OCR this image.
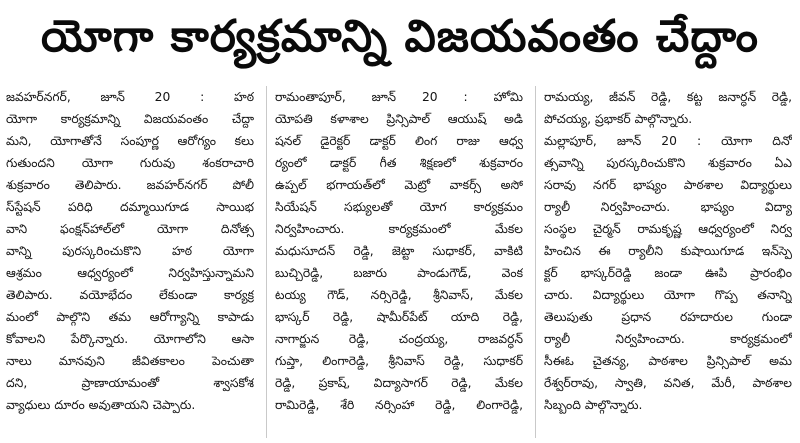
యోగా కార్యక్రమాన్ని విజయవంతం చేద్దాం
జవహర్‌నగర్, జూన్ 20 : హఠ
యోగా కార్యక్రమాన్ని విజయవంతం చేద్దా
మని, యోగాతోనే సంపూర్ణ ఆరోగ్యం కలు
గుతుందని యోగా గురువు శంకరాచారి
శుక్రవారం తెలిపారు. జవహర్‌నగర్ పోలీ
స్‌స్టేషన్ పరిధి దమ్మాయిగూడ సాయిభ
వాని ఫంక్షన్‌హాల్‌లో యోగా దినోత్స
వాన్ని పురస్కరించుకొని హఠ యోగా
ఆశ్రమం ఆధ్వర్యంలో నిర్వహిస్తున్నామని
తెలిపారు. వయోభేదం లేకుండా కార్యక్ర
మంలో పాల్గొని తమ ఆరోగ్యాన్ని కాపాడు
కోవాలని పేర్కొన్నారు. యోగాలోని ఆసా
నాలు మానవుని జీవితకాలం పెంచుతా
దని, ప్రాణాయామంతో శ్వాసకోశ
వ్యాధులు దూరం అవుతాయని చెప్పారు.
రామంతాపూర్, జూన్ 20 : హోమి
యోపతి కళాశాల ప్రిన్సిపాల్ ఆయుష్ అడి
షనల్ డైరెక్టర్ డాక్టర్ లింగ రాజు ఆధ్వ
ర్యంలో డాక్టర్ గీత శిక్షణలో శుక్రవారం
ఉప్పల్ భగాయత్‌లో మెట్రో వాకర్స్ అసో
సియేషన్ సభ్యులతో యోగ కార్యక్రమం
నిర్వహించారు. కార్యక్రమంలో మేకల
మధుసూదన్ రెడ్డి, జెట్టా సుధాకర్, వాకిటి
బుచ్చిరెడ్డి, బజారు పాండుగౌడ్, వెంక
టయ్య గౌడ్, నర్సిరెడ్డి, శ్రీనివాస్, మేకల
భాస్కర్ రెడ్డి, షామీర్‌పేట్ యాది రెడ్డి,
నాగార్జున రెడ్డి, చంద్రయ్య, రాజవర్ధన్
గుప్తా, లింగారెడ్డి, శ్రీనివాస్ రెడ్డి, సుధాకర్
రెడ్డి, ప్రకాష్, విద్యాసాగర్ రెడ్డి, మేకల
రామిరెడ్డి, శేరి నర్సింహా రెడ్డి, లింగారెడ్డి,
రామయ్య, జీవన్ రెడ్డి, కట్ట జనార్ధన్ రెడ్డి,
పోచయ్య, ప్రభాకర్ పాల్గొన్నారు.
మల్లాపూర్, జూన్ 20 : యోగా దినో
త్సవాన్ని పురస్కరించుకొని శుక్రవారం ఏఎ
సరావు నగర్ భాష్యం పాఠశాల విద్యార్థులు
ర్యాలీ నిర్వహించారు. భాష్యం విద్యా
సంస్థల చైర్మన్ రామకృష్ణ ఆధ్వర్యంలో నిర్వ
హించిన ఈ ర్యాలీని కుషాయిగూడ ఇన్‌స్పె
క్టర్ భాస్కర్‌రెడ్డి జండా ఊపి ప్రారంభిం
చారు. విద్యార్థులు యోగా గొప్ప తనాన్ని
తెలుపుతు ప్రధాన రహదారుల గుండా
ర్యాలీ నిర్వహించారు. కార్యక్రమంలో
సీఈఓ చైతన్య, పాఠశాల ప్రిన్సిపాల్ అమ
రేశ్వర్‌రావు, స్వాతి, వనిత, మేరీ, పాఠశాల
సిబ్బంది పాల్గొన్నారు.
